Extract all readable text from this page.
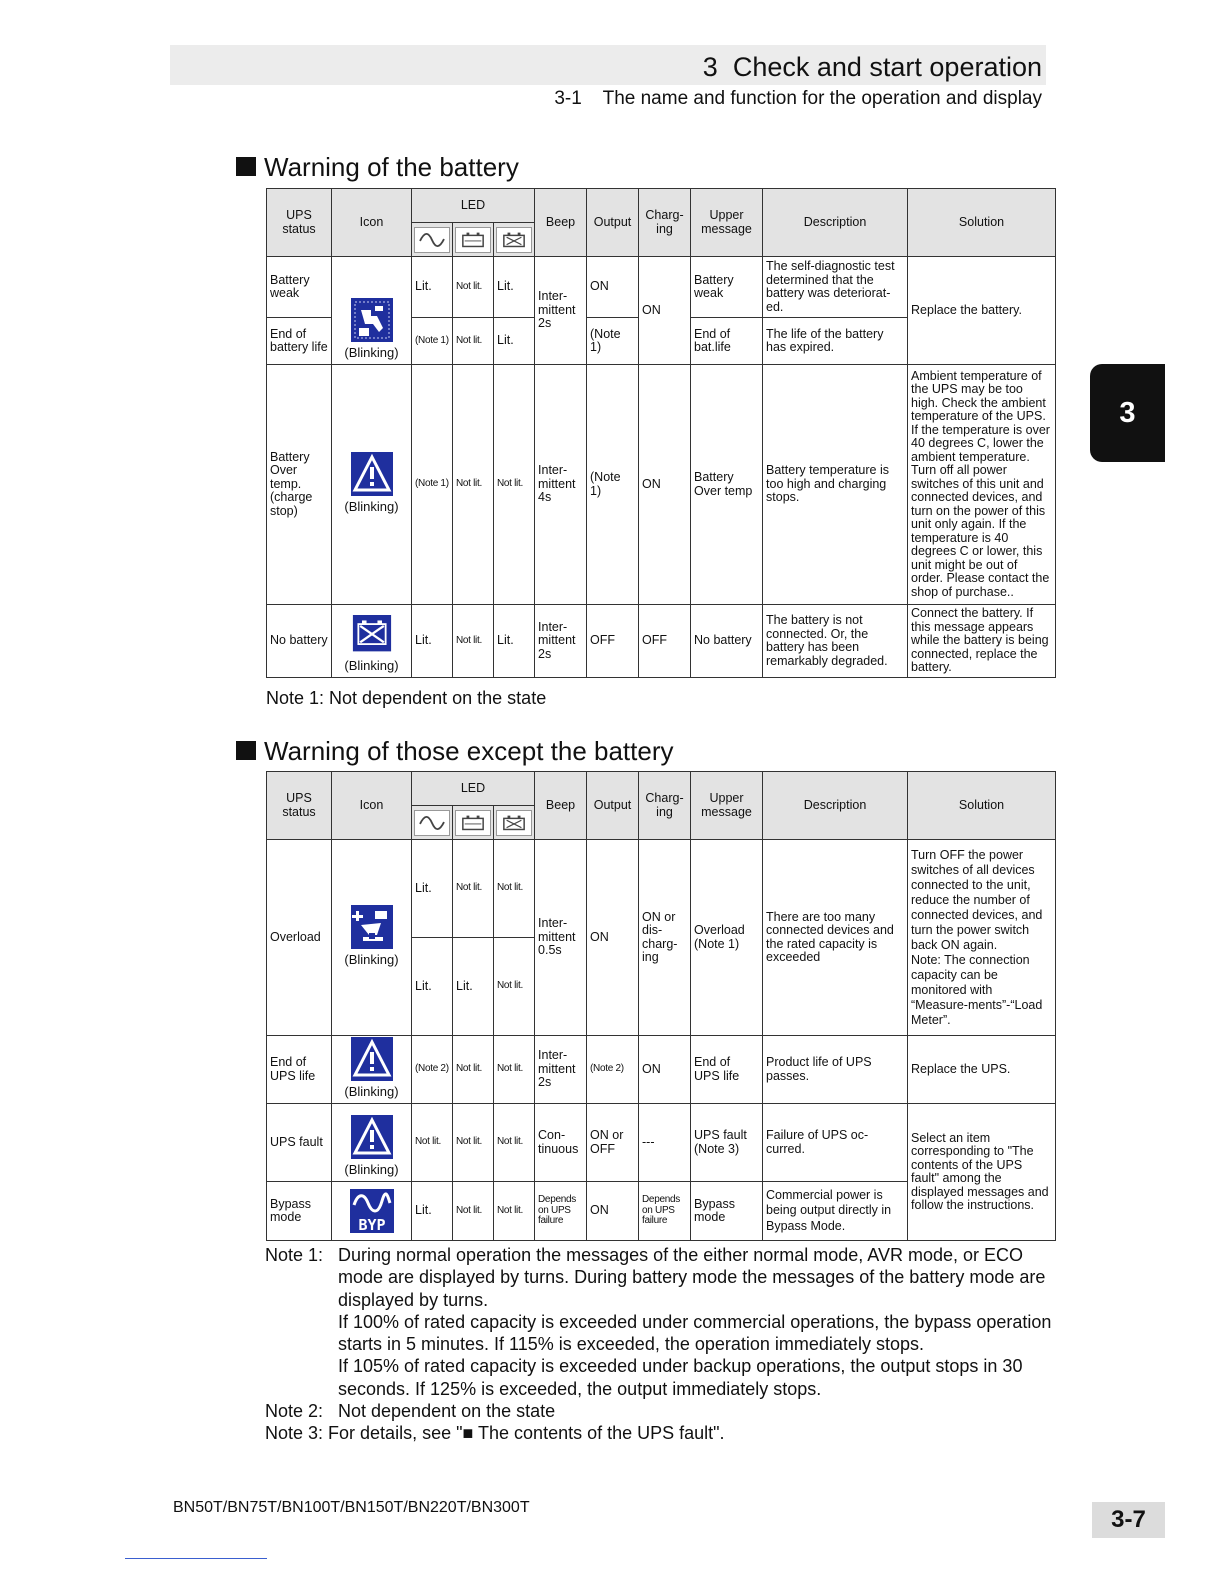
3  Check and start operation
3-1    The name and function for the operation and display
3
Warning of the battery
UPS status	Icon	LED			Beep	Output	Charg-ing	Upper message	Description	Solution

Battery weak	(Blinking)	Lit.	Not lit.	Lit.	Inter-mittent 2s	ON	ON	Battery weak	The self-diagnostic test determined that the battery was deteriorat-ed.	Replace the battery.
End of battery life		(Note 1)	Not lit.	Lit.		(Note 1)		End of bat.life	The life of the battery has expired.	
Battery Over temp. (charge stop)	(Blinking)	(Note 1)	Not lit.	Not lit.	Inter-mittent 4s	(Note 1)	ON	Battery Over temp	Battery temperature is too high and charging stops.	Ambient temperature of the UPS may be too high. Check the ambient temperature of the UPS. If the temperature is over 40 degrees C, lower the ambient temperature. Turn off all power switches of this unit and connected devices, and turn on the power of this unit only again. If the temperature is 40 degrees C or lower, this unit might be out of order. Please contact the shop of purchase..
No battery	(Blinking)	Lit.	Not lit.	Lit.	Inter-mittent 2s	OFF	OFF	No battery	The battery is not connected. Or, the battery has been remarkably degraded.	Connect the battery. If this message appears while the battery is being connected, replace the battery.
Note 1: Not dependent on the state
Warning of those except the battery
UPS status	Icon	LED			Beep	Output	Charg-ing	Upper message	Description	Solution

Overload	(Blinking)	Lit.	Not lit.	Not lit.	Inter-mittent 0.5s	ON	ON or dis-charg-ing	Overload (Note 1)	There are too many connected devices and the rated capacity is exceeded	Turn OFF the power switches of all devices connected to the unit, reduce the number of connected devices, and turn the power switch back ON again.
Note: The connection capacity can be monitored with “Measure-ments”-“Load Meter”.

		Lit.	Lit.	Not lit.						
End of UPS life	(Blinking)	(Note 2)	Not lit.	Not lit.	Inter-mittent 2s	(Note 2)	ON	End of UPS life	Product life of UPS passes.	Replace the UPS.
UPS fault	(Blinking)	Not lit.	Not lit.	Not lit.	Con-tinuous	ON or OFF	---	UPS fault (Note 3)	Failure of UPS oc-curred.	Select an item corresponding to "The contents of the UPS fault" among the displayed messages and follow the instructions.
Bypass mode	BYP	Lit.	Not lit.	Not lit.	Depends on UPS failure	ON	Depends on UPS failure	Bypass mode	Commercial power is being output directly in Bypass Mode.	
Note 1: During normal operation the messages of the either normal mode, AVR mode, or ECO mode are displayed by turns. During battery mode the messages of the battery mode are displayed by turns.
If 100% of rated capacity is exceeded under commercial operations, the bypass operation starts in 5 minutes. If 115% is exceeded, the operation immediately stops.
If 105% of rated capacity is exceeded under backup operations, the output stops in 30 seconds. If 125% is exceeded, the output immediately stops.
Note 2: Not dependent on the state
Note 3: For details, see "■ The contents of the UPS fault".
BN50T/BN75T/BN100T/BN150T/BN220T/BN300T	3-7
